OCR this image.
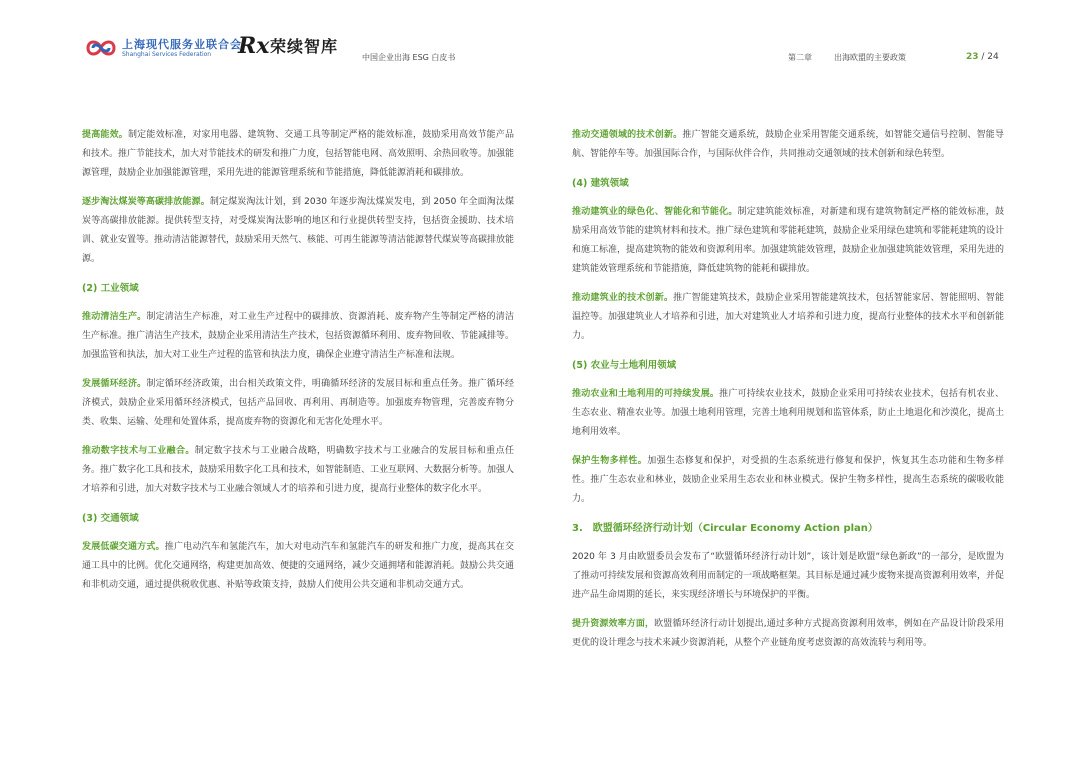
上海现代服务业联合会
Shanghai Services Federation	Rx 荣续智库
中国企业出海 ESG 白皮书	第二章	出海欧盟的主要政策	23 / 24

提高能效。制定能效标准，对家用电器、建筑物、交通工具等制定严格的能效标准，鼓励采用高效节能产品和技术。推广节能技术，加大对节能技术的研发和推广力度，包括智能电网、高效照明、余热回收等。加强能源管理，鼓励企业加强能源管理，采用先进的能源管理系统和节能措施，降低能源消耗和碳排放。

逐步淘汰煤炭等高碳排放能源。制定煤炭淘汰计划，到 2030 年逐步淘汰煤炭发电，到 2050 年全面淘汰煤炭等高碳排放能源。提供转型支持，对受煤炭淘汰影响的地区和行业提供转型支持，包括资金援助、技术培训、就业安置等。推动清洁能源替代，鼓励采用天然气、核能、可再生能源等清洁能源替代煤炭等高碳排放能源。

(2) 工业领域

推动清洁生产。制定清洁生产标准，对工业生产过程中的碳排放、资源消耗、废弃物产生等制定严格的清洁生产标准。推广清洁生产技术，鼓励企业采用清洁生产技术，包括资源循环利用、废弃物回收、节能减排等。加强监管和执法，加大对工业生产过程的监管和执法力度，确保企业遵守清洁生产标准和法规。

发展循环经济。制定循环经济政策，出台相关政策文件，明确循环经济的发展目标和重点任务。推广循环经济模式，鼓励企业采用循环经济模式，包括产品回收、再利用、再制造等。加强废弃物管理，完善废弃物分类、收集、运输、处理和处置体系，提高废弃物的资源化和无害化处理水平。

推动数字技术与工业融合。制定数字技术与工业融合战略，明确数字技术与工业融合的发展目标和重点任务。推广数字化工具和技术，鼓励采用数字化工具和技术，如智能制造、工业互联网、大数据分析等。加强人才培养和引进，加大对数字技术与工业融合领域人才的培养和引进力度，提高行业整体的数字化水平。

(3) 交通领域

发展低碳交通方式。推广电动汽车和氢能汽车，加大对电动汽车和氢能汽车的研发和推广力度，提高其在交通工具中的比例。优化交通网络，构建更加高效、便捷的交通网络，减少交通拥堵和能源消耗。鼓励公共交通和非机动交通，通过提供税收优惠、补贴等政策支持，鼓励人们使用公共交通和非机动交通方式。

推动交通领域的技术创新。推广智能交通系统，鼓励企业采用智能交通系统，如智能交通信号控制、智能导航、智能停车等。加强国际合作，与国际伙伴合作，共同推动交通领域的技术创新和绿色转型。

(4) 建筑领域

推动建筑业的绿色化、智能化和节能化。制定建筑能效标准，对新建和现有建筑物制定严格的能效标准，鼓励采用高效节能的建筑材料和技术。推广绿色建筑和零能耗建筑，鼓励企业采用绿色建筑和零能耗建筑的设计和施工标准，提高建筑物的能效和资源利用率。加强建筑能效管理，鼓励企业加强建筑能效管理，采用先进的建筑能效管理系统和节能措施，降低建筑物的能耗和碳排放。

推动建筑业的技术创新。推广智能建筑技术，鼓励企业采用智能建筑技术，包括智能家居、智能照明、智能温控等。加强建筑业人才培养和引进，加大对建筑业人才培养和引进力度，提高行业整体的技术水平和创新能力。

(5) 农业与土地利用领域

推动农业和土地利用的可持续发展。推广可持续农业技术，鼓励企业采用可持续农业技术，包括有机农业、生态农业、精准农业等。加强土地利用管理，完善土地利用规划和监管体系，防止土地退化和沙漠化，提高土地利用效率。

保护生物多样性。加强生态修复和保护，对受损的生态系统进行修复和保护，恢复其生态功能和生物多样性。推广生态农业和林业，鼓励企业采用生态农业和林业模式。保护生物多样性，提高生态系统的碳吸收能力。

3.　欧盟循环经济行动计划（Circular Economy Action plan）

2020 年 3 月由欧盟委员会发布了“欧盟循环经济行动计划”，该计划是欧盟“绿色新政”的一部分，是欧盟为了推动可持续发展和资源高效利用而制定的一项战略框架。其目标是通过减少废物来提高资源利用效率，并促进产品生命周期的延长，来实现经济增长与环境保护的平衡。

提升资源效率方面，欧盟循环经济行动计划提出,通过多种方式提高资源利用效率，例如在产品设计阶段采用更优的设计理念与技术来减少资源消耗，从整个产业链角度考虑资源的高效流转与利用等。
